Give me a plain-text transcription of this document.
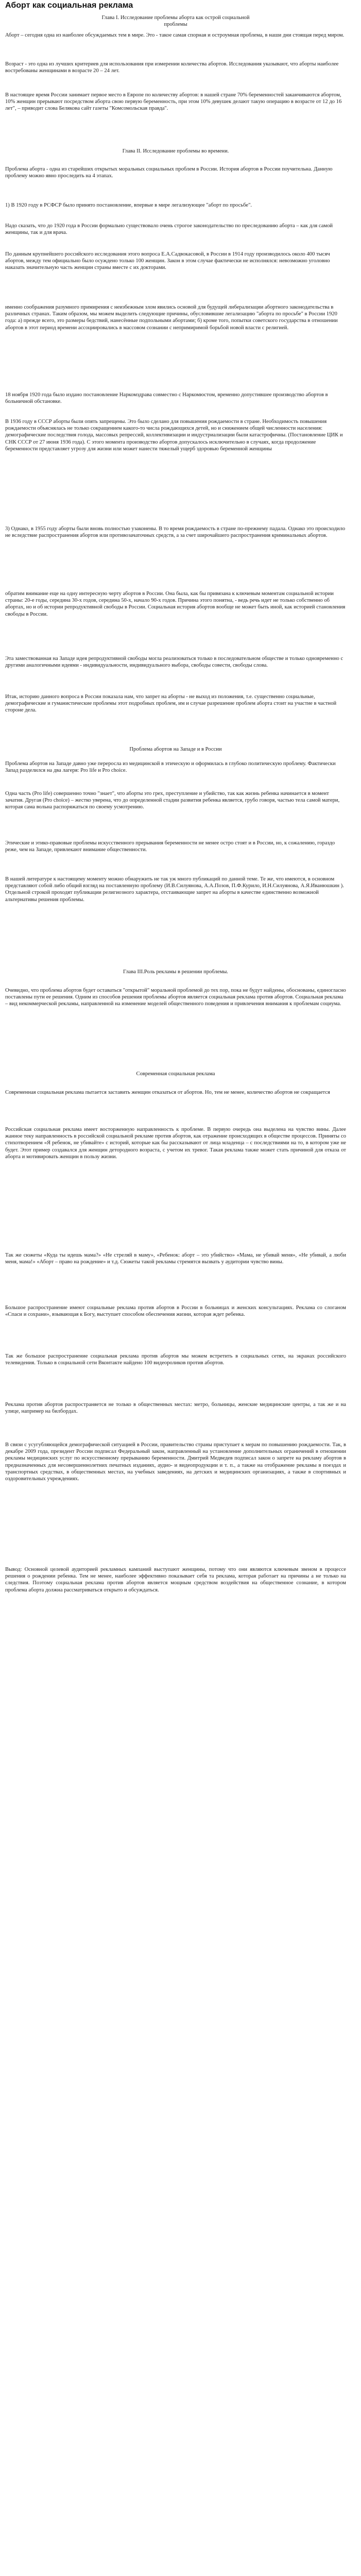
Аборт как социальная реклама

Глава I. Исследование проблемы аборта как острой социальной
проблемы

Аборт – сегодня одна из наиболее обсуждаемых тем в мире. Это - такое самая спорная и остроумная проблема, в наши дни стоящая перед миром.

Возраст - это одна из лучших критериев для использования при измерении количества абортов. Исследования указывают, что аборты наиболее востребованы женщинами в возрасте 20 – 24 лет.

В настоящее время России занимает первое место в Европе по количеству абортов: в нашей стране 70% беременностей заканчиваются абортом, 10% женщин прерывают посредством аборта свою первую беременность, при этом 10% девушек делают такую операцию в возрасте от 12 до 16 лет", – приводит слова Беляковa сайт газеты "Комсомольская правда".

Глава II. Исследование проблемы во времени.

Проблема аборта - одна из старейших открытых моральных социальных проблем в России. История абортов в России поучительна. Данную проблему можно явно проследить на 4 этапах.

1) В 1920 году в РСФСР было принято постановление, впервые в мире легализующее "аборт по просьбе".

Надо сказать, что до 1920 года в России формально существовало очень строгое законодательство по преследованию аборта – как для самой женщины, так и для врача.

По данным крупнейшего российского исследования этого вопроса Е.А.Садвокасовой, в России в 1914 году производилось около 400 тысяч абортов, между тем официально было осуждено только 100 женщин. Закон в этом случае фактически не исполнялся: невозможно уголовно наказать значительную часть женщин страны вместе с их докторами.

именно соображения разумного примирения с неизбежным злом явились основой для будущей либерализации абортного законодательства в различных странах. Таким образом, мы можем выделить следующие причины, обусловившие легализацию "аборта по просьбе" в России 1920 года: а) прежде всего, это размеры бедствий, нанесённые подпольными абортами; б) кроме того, попытки советского государства в отношении абортов в этот период времени ассоциировались в массовом сознании с непримиримой борьбой новой власти с религией.

18 ноября 1920 года было издано постановление Наркомздрава совместно с Наркомюстом, временно допустившее производство абортов в больничной обстановке.

В 1936 году в СССР аборты были опять запрещены. Это было сделано для повышения рождаемости в стране. Необходимость повышения рождаемости объяснялась не только сокращением какого-то числа рождающихся детей, но и снижением общей численности населения: демографические последствия голода, массовых репрессий, коллективизации и индустриализации были катастрофичны. (Постановление ЦИК и СНК СССР от 27 июня 1936 года). С этого момента производство абортов допускалось исключительно в случаях, когда продолжение беременности представляет угрозу для жизни или может нанести тяжелый ущерб здоровью беременной женщины

3) Однако, в 1955 году аборты были вновь полностью узаконены. В то время рождаемость в стране по-прежнему падала. Однако это происходило не вследствие распространения абортов или противозачаточных средств, а за счет широчайшего распространения криминальных абортов.

обратим внимание еще на одну интересную черту абортов в России. Она была, как бы привязана к ключевым моментам социальной истории страны: 20-е годы, середина 30-х годов, середина 50-х, начало 90-х годов. Причина этого понятна, - ведь речь идет не только собственно об абортах, но и об истории репродуктивной свободы в России. Социальная история абортов вообще не может быть иной, как историей становления свободы в России.

Эта замествованная на Западе идея репродуктивной свободы могла реализоваться только в последовательном обществе и только одновременно с другими аналогичными идеями - индивидуальности, индивидуального выбора, свободы совести, свободы слова.

Итак, историю данного вопроса в России показала нам, что запрет на аборты - не выход из положения, т.е. существенно социальные, демографические и гуманистические проблемы этот подробных проблем, им и случае разрешение проблем аборта стоит на участие в частной стороне дела.

Проблема абортов на Западе и в России

Проблема абортов на Западе давно уже переросла из медицинской в этическую и оформилась в глубоко политическую проблему. Фактически Запад разделился на два лагеря: Pro life и Pro choice.

Одна часть (Pro life) совершенно точно "знает", что аборты это грех, преступление и убийство, так как жизнь ребенка начинается в момент зачатия. Другая (Pro choice) – жестко уверена, что до определенной стадии развития ребенка является, грубо говоря, частью тела самой матери, которая сама вольна распоряжаться по своему усмотрению.

Этические и этико-правовые проблемы искусственного прерывания беременности не менее остро стоят и в России, но, к сожалению, гораздо реже, чем на Западе, привлекают внимание общественности.

В нашей литературе к настоящему моменту можно обнаружить не так уж много публикаций по данной теме. Те же, что имеются, в основном представляют собой либо общий взгляд на поставленную проблему (И.В.Силуянова, А.А.Позов, П.Ф.Курило, И.Н.Силуянова, А.Я.Иванюшкин ). Отдельной строкой проходят публикации религиозного характера, отстаивающие запрет на аборты в качестве единственно возможной альтернативы решения проблемы.

Глава III.Роль рекламы в решении проблемы.

Очевидно, что проблема абортов будет оставаться "открытой" моральной проблемой до тех пор, пока не будут найдены, обоснованы, единогласно поставлены пути ее решения. Одним из способов решения проблемы абортов является социальная реклама против абортов. Социальная реклама – вид некоммерческой рекламы, направленной на изменение моделей общественного поведения и привлечения внимания к проблемам социума.

Современная социальная реклама

Современная социальная реклама пытается заставить женщин отказаться от абортов. Но, тем не менее, количество абортов не сокращается

Российская социальная реклама имеет восторженную направленность к проблеме. В первую очередь она выделена на чувство вины. Далее жанное теку направленность в российской социальной рекламе против абортов, как отражение происходящих в обществе процессов. Приняты со стихотворением «Я ребенок, не убивайте» с историй, которые как бы рассказывают от лица младенца – с последствиями на то, в котором уже не будет. Этот пример создавался для женщин детородного возраста, с учетом их тревог. Такая реклама также может стать причиной для отказа от аборта и мотивировать женщин в пользу жизни.

Так же сюжеты «Куда ты идешь мама?» «Не стреляй в маму», «Ребенок: аборт – это убийство» «Мама, не убивай меня», «Не убивай, а люби меня, мама!» «Аборт – право на рождение» и т.д. Сюжеты такой рекламы стремятся вызвать у аудитории чувство вины.

Большое распространение имеют социальные реклама против абортов в России в больницах и женских консультациях. Реклама со слоганом «Спаси и сохрани», взывающая к Богу, выступает способом обеспечения жизни, которая ждет ребенка.

Так же большое распространение социальная реклама против абортов мы можем встретить в социальных сетях, на экранах российского телевидения. Только в социальной сети Вконтакте найдено 100 видеороликов против абортов.

Реклама против абортов распространяется не только в общественных местах: метро, больницы, женские медицинские центры, а так же и на улице, например на билбордах.

В связи с усугубляющейся демографической ситуацией в России, правительство страны приступает к мерам по повышению рождаемости. Так, в декабре 2009 года, президент России подписал Федеральный закон, направленный на установление дополнительных ограничений в отношении рекламы медицинских услуг по искусственному прерыванию беременности. Дмитрий Медведев подписал закон о запрете на рекламу абортов в предназначенных для несовершеннолетних печатных изданиях, аудио- и видеопродукции и т. п., а также на отображение рекламы в поездах и транспортных средствах, в общественных местах, на учебных заведениях, на детских и медицинских организациях, а также в спортивных и оздоровительных учреждениях.

Вывод: Основной целевой аудиторией рекламных кампаний выступают женщины, потому что они являются ключевым звеном в процессе решения о рождении ребенка. Тем не менее, наиболее эффективно показывает себя та реклама, которая работает на причины а не только на следствия. Поэтому социальная реклама против абортов является мощным средством воздействия на общественное сознание, в котором проблема аборта должна рассматриваться открыто и обсуждаться.
